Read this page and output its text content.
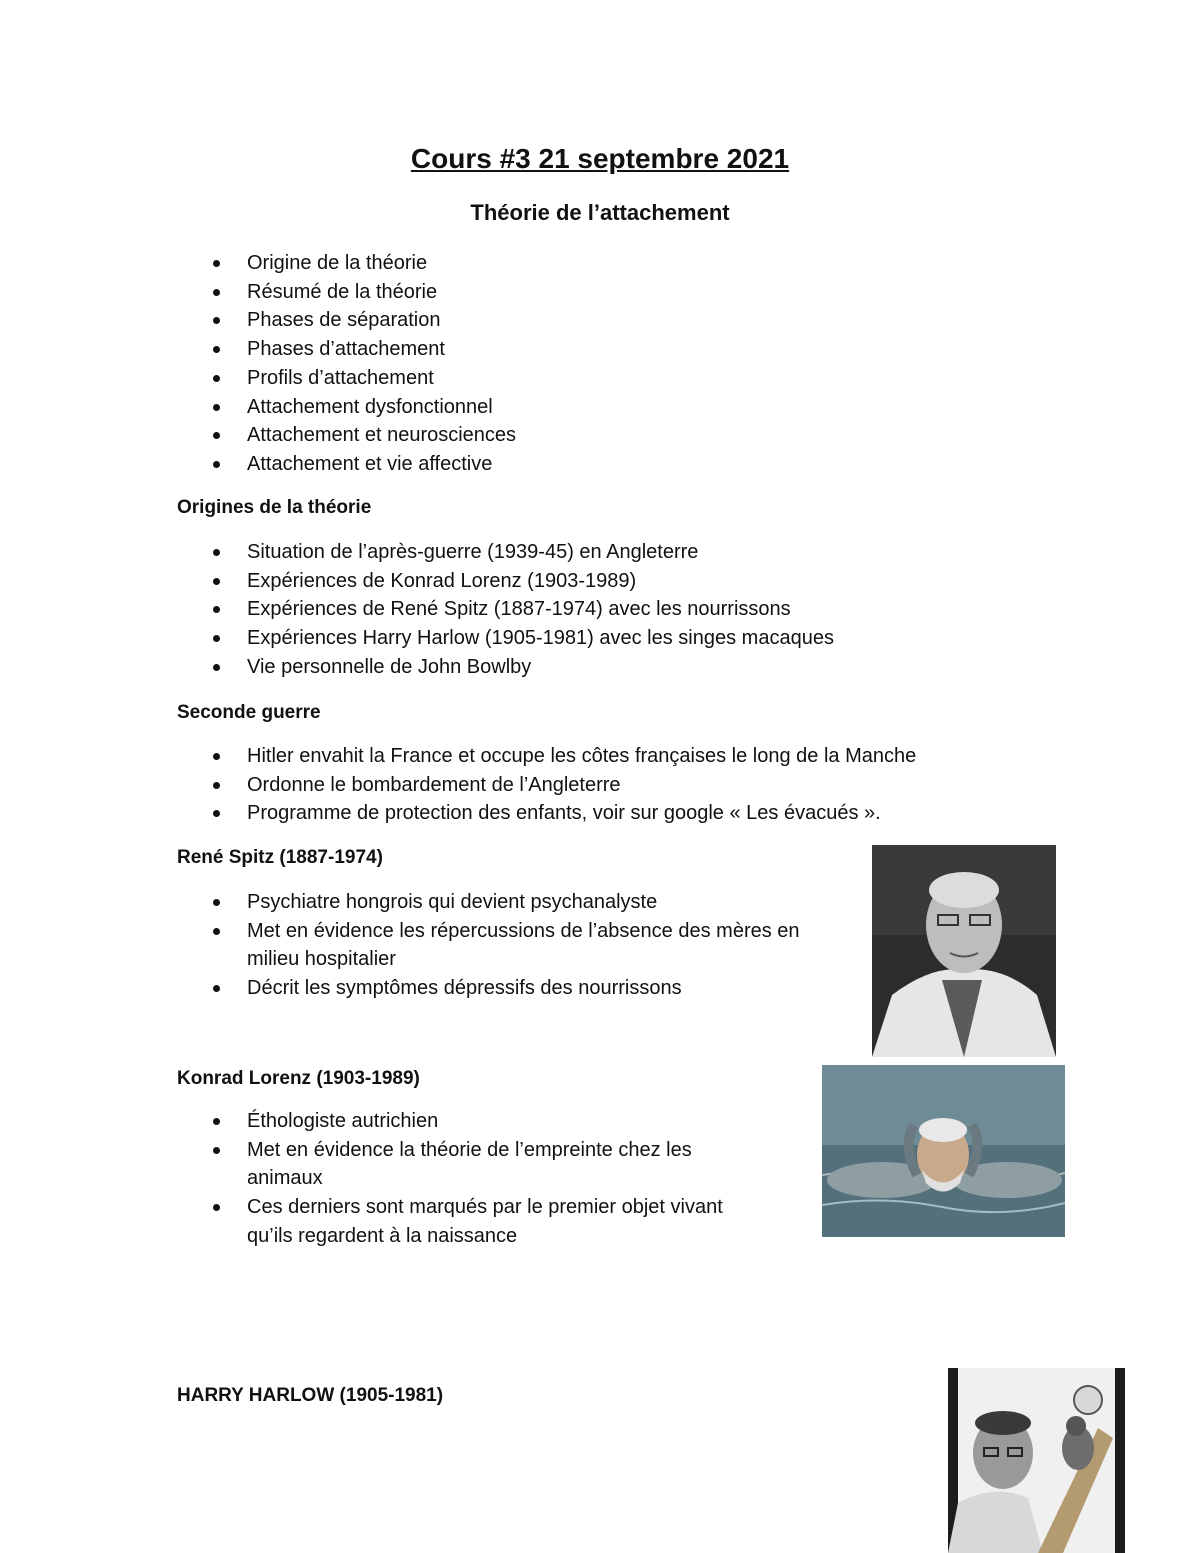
Cours #3 21 septembre 2021
Théorie de l’attachement
Origine de la théorie
Résumé de la théorie
Phases de séparation
Phases d’attachement
Profils d’attachement
Attachement dysfonctionnel
Attachement et neurosciences
Attachement et vie affective
Origines de la théorie
Situation de l’après-guerre (1939-45) en Angleterre
Expériences de Konrad Lorenz (1903-1989)
Expériences de René Spitz (1887-1974) avec les nourrissons
Expériences Harry Harlow (1905-1981) avec les singes macaques
Vie personnelle de John Bowlby
Seconde guerre
Hitler envahit la France et occupe les côtes françaises le long de la Manche
Ordonne le bombardement de l’Angleterre
Programme de protection des enfants, voir sur google « Les évacués ».
René Spitz (1887-1974)
Psychiatre hongrois qui devient psychanalyste
Met en évidence les répercussions de l’absence des mères en milieu hospitalier
Décrit les symptômes dépressifs des nourrissons
Konrad Lorenz (1903-1989)
Éthologiste autrichien
Met en évidence la théorie de l’empreinte chez les animaux
Ces derniers sont marqués par le premier objet vivant qu’ils regardent à la naissance
HARRY HARLOW (1905-1981)
